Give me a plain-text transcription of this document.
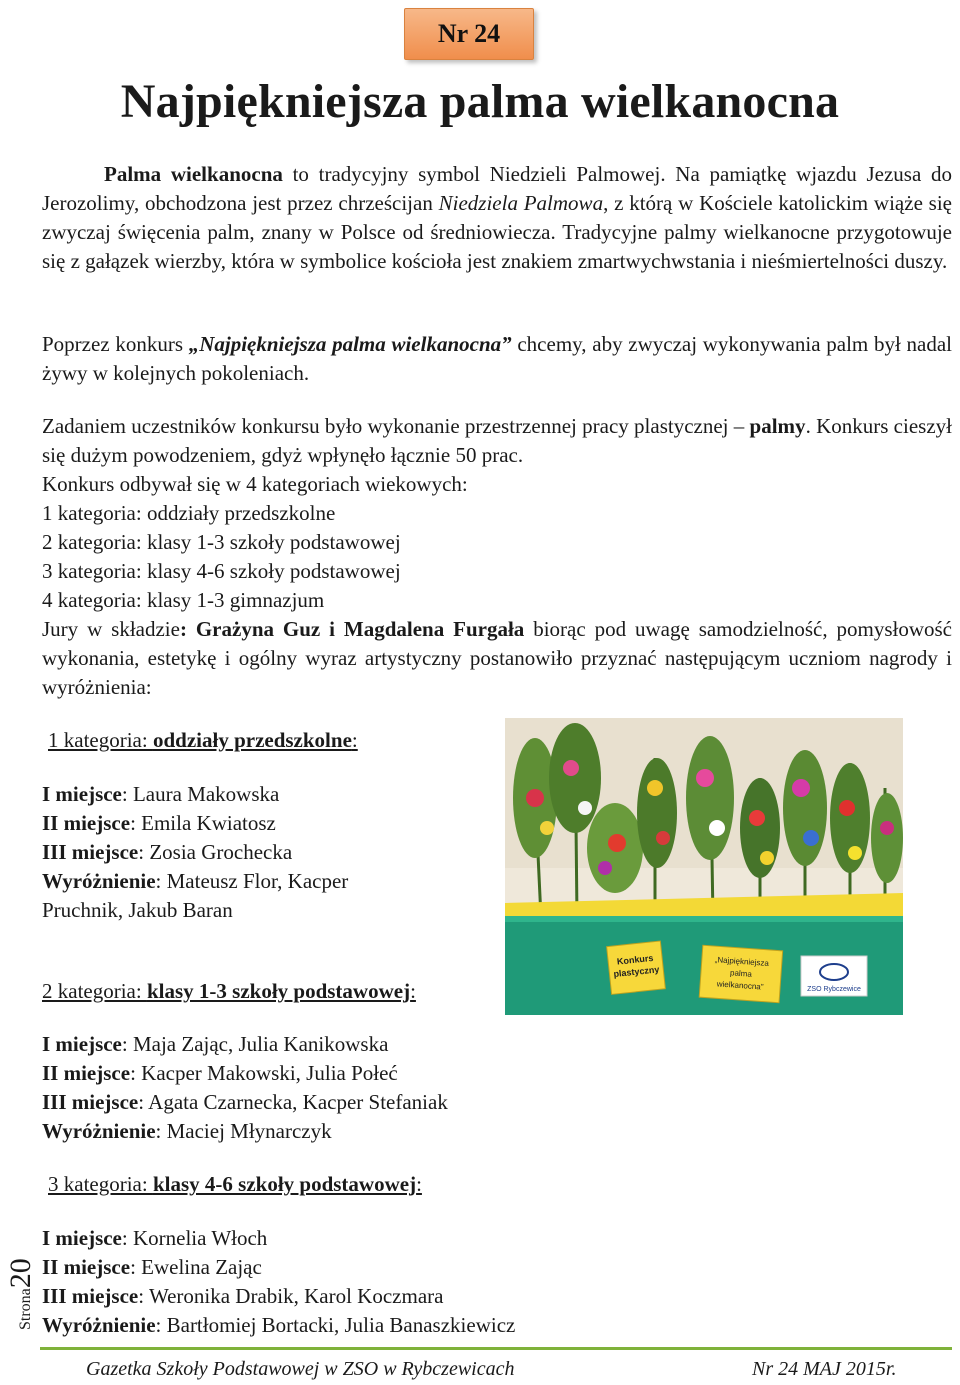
Nr 24
Najpiękniejsza palma wielkanocna
Palma wielkanocna to tradycyjny symbol Niedzieli Palmowej. Na pamiątkę wjazdu Jezusa do Jerozolimy, obchodzona jest przez chrześcijan Niedziela Palmowa, z którą w Kościele katolickim wiąże się zwyczaj święcenia palm, znany w Polsce od średniowiecza. Tradycyjne palmy wielkanocne przygotowuje się z gałązek wierzby, która w symbolice kościoła jest znakiem zmartwychwstania i nieśmiertelności duszy.
Poprzez konkurs „Najpiękniejsza palma wielkanocna” chcemy, aby zwyczaj wykonywania palm był nadal żywy w kolejnych pokoleniach.
Zadaniem uczestników konkursu było wykonanie przestrzennej pracy plastycznej – palmy. Konkurs cieszył się dużym powodzeniem, gdyż wpłynęło łącznie 50 prac.
Konkurs odbywał się w 4 kategoriach wiekowych:
1 kategoria: oddziały przedszkolne
2 kategoria: klasy 1-3 szkoły podstawowej
3 kategoria: klasy 4-6 szkoły podstawowej
4 kategoria: klasy 1-3 gimnazjum
Jury w składzie: Grażyna Guz i Magdalena Furgała biorąc pod uwagę samodzielność, pomysłowość wykonania, estetykę i ogólny wyraz artystyczny postanowiło przyznać następującym uczniom nagrody i wyróżnienia:
Konkurs
plastyczny
„Najpiękniejsza
palma
wielkanocna”	ZSO Rybczewice
1 kategoria: oddziały przedszkolne:
I miejsce: Laura Makowska
II miejsce: Emila Kwiatosz
III miejsce: Zosia Grochecka
Wyróżnienie: Mateusz Flor, Kacper
Pruchnik, Jakub Baran
2 kategoria: klasy 1-3 szkoły podstawowej:
I miejsce: Maja Zając, Julia Kanikowska
II miejsce: Kacper Makowski, Julia Połeć
III miejsce: Agata Czarnecka, Kacper Stefaniak
Wyróżnienie: Maciej Młynarczyk
3 kategoria: klasy 4-6 szkoły podstawowej:
I miejsce: Kornelia Włoch
II miejsce: Ewelina Zając
III miejsce: Weronika Drabik, Karol Koczmara
Wyróżnienie: Bartłomiej Bortacki, Julia Banaszkiewicz
Strona20
Gazetka Szkoły Podstawowej w ZSO w Rybczewicach	Nr 24 MAJ 2015r.
